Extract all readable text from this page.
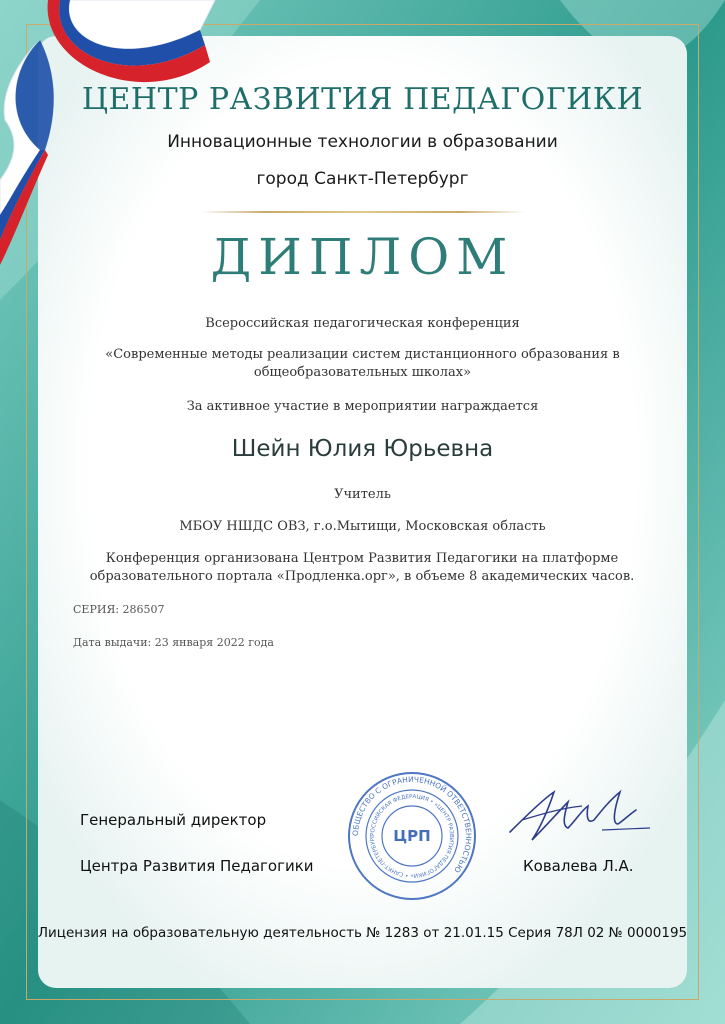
ЦЕНТР РАЗВИТИЯ ПЕДАГОГИКИ

Инновационные технологии в образовании

город Санкт-Петербург

ДИПЛОМ

Всероссийская педагогическая конференция

«Современные методы реализации систем дистанционного образования в общеобразовательных школах»

За активное участие в мероприятии награждается

Шейн Юлия Юрьевна

Учитель

МБОУ НШДС ОВЗ, г.о.Мытищи, Московская область

Конференция организована Центром Развития Педагогики на платформе образовательного портала «Продленка.орг», в объеме 8 академических часов.

СЕРИЯ: 286507

Дата выдачи: 23 января 2022 года

Генеральный директор

Центра Развития Педагогики	Ковалева Л.А.

ОБЩЕСТВО С ОГРАНИЧЕННОЙ ОТВЕТСТВЕННОСТЬЮ
РОССИЙСКАЯ ФЕДЕРАЦИЯ • «ЦЕНТР РАЗВИТИЯ ПЕДАГОГИКИ» • САНКТ-ПЕТЕРБУРГ	ЦРП

Лицензия на образовательную деятельность № 1283 от 21.01.15 Серия 78Л 02 № 0000195
